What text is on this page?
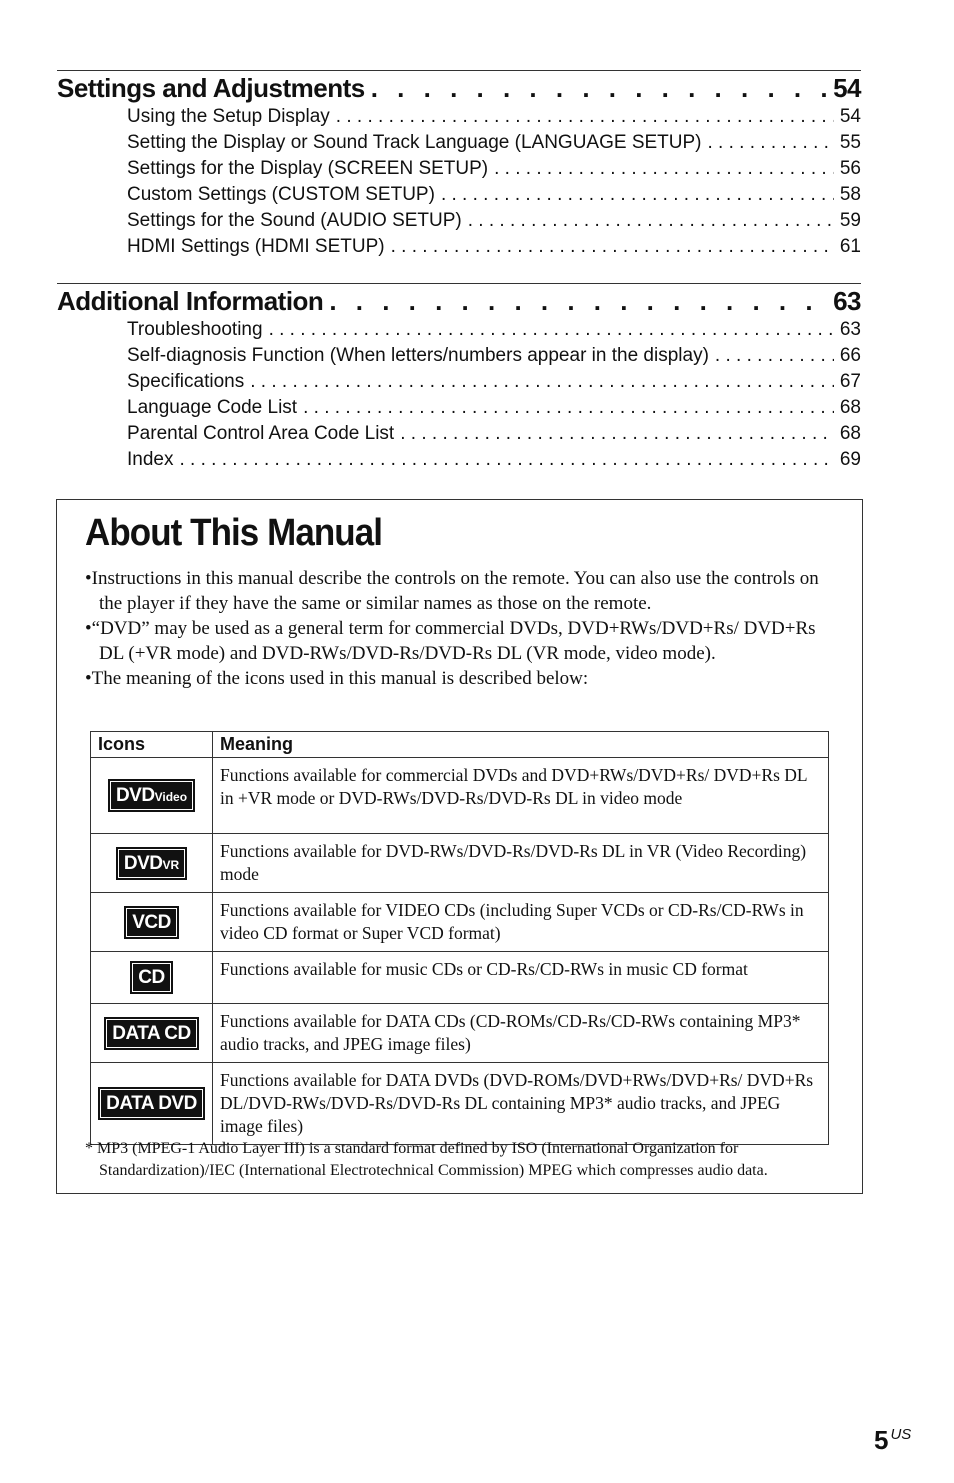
Settings and Adjustments . . .	54
Using the Setup Display . . .	54
Setting the Display or Sound Track Language (LANGUAGE SETUP) . . .	55
Settings for the Display (SCREEN SETUP) . . .	56
Custom Settings (CUSTOM SETUP) . . .	58
Settings for the Sound (AUDIO SETUP) . . .	59
HDMI Settings (HDMI SETUP) . . .	61
Additional Information . . .	63
Troubleshooting . . .	63
Self-diagnosis Function (When letters/numbers appear in the display) . . .	66
Specifications . . .	67
Language Code List . . .	68
Parental Control Area Code List . . .	68
Index . . .	69
About This Manual
• Instructions in this manual describe the controls on the remote. You can also use the controls on the player if they have the same or similar names as those on the remote.
• “DVD” may be used as a general term for commercial DVDs, DVD+RWs/DVD+Rs/ DVD+Rs DL (+VR mode) and DVD-RWs/DVD-Rs/DVD-Rs DL (VR mode, video mode).
• The meaning of the icons used in this manual is described below:
Icons	Meaning
DVDVideo	Functions available for commercial DVDs and DVD+RWs/DVD+Rs/ DVD+Rs DL in +VR mode or DVD-RWs/DVD-Rs/DVD-Rs DL in video mode
DVDVR	Functions available for DVD-RWs/DVD-Rs/DVD-Rs DL in VR (Video Recording) mode
VCD	Functions available for VIDEO CDs (including Super VCDs or CD-Rs/CD-RWs in video CD format or Super VCD format)
CD	Functions available for music CDs or CD-Rs/CD-RWs in music CD format
DATA CD	Functions available for DATA CDs (CD-ROMs/CD-Rs/CD-RWs containing MP3* audio tracks, and JPEG image files)
DATA DVD	Functions available for DATA DVDs (DVD-ROMs/DVD+RWs/DVD+Rs/ DVD+Rs DL/DVD-RWs/DVD-Rs/DVD-Rs DL containing MP3* audio tracks, and JPEG image files)
* MP3 (MPEG-1 Audio Layer III) is a standard format defined by ISO (International Organization for Standardization)/IEC (International Electrotechnical Commission) MPEG which compresses audio data.
5 $^{US}$
